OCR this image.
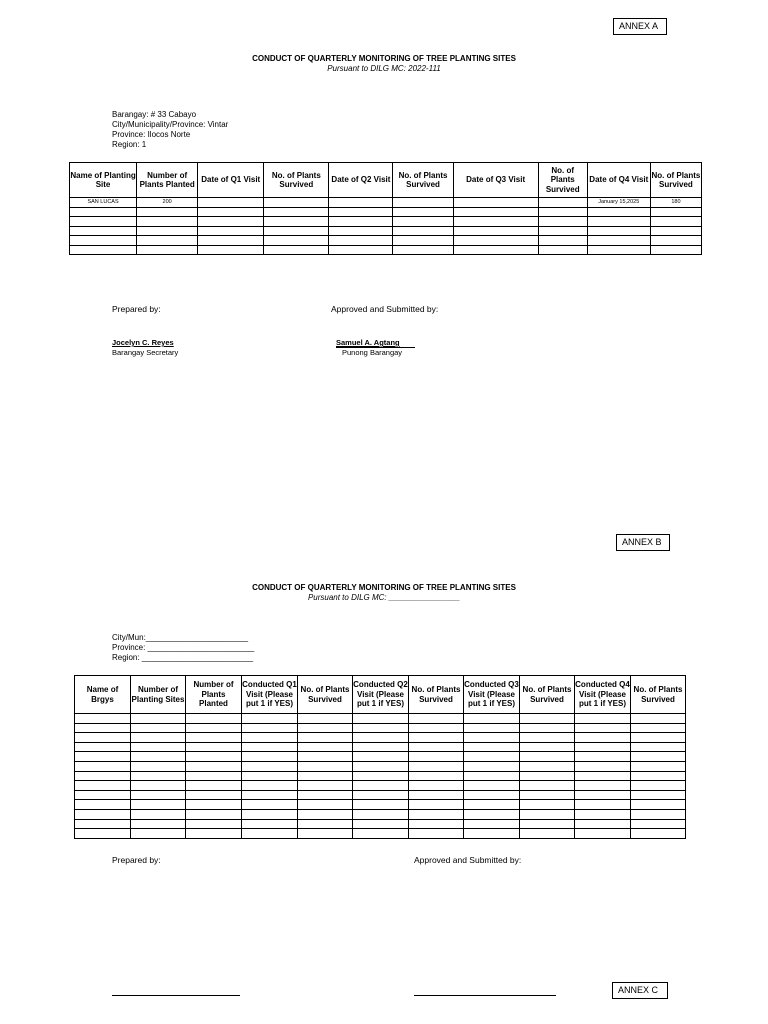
ANNEX A
CONDUCT OF QUARTERLY MONITORING OF TREE PLANTING SITES
Pursuant to DILG MC: 2022-111
Barangay: # 33 Cabayo
City/Municipality/Province: Vintar
Province: Ilocos Norte
Region: 1
Name of Planting Site	Number of Plants Planted	Date of Q1 Visit	No. of Plants Survived	Date of Q2 Visit	No. of Plants Survived	Date of Q3 Visit	No. of Plants Survived	Date of Q4 Visit	No. of Plants Survived
SAN LUCAS	200							January 15,2025	180

Prepared by:	Approved and Submitted by:
Jocelyn C. Reyes
Barangay Secretary
Samuel A. Agtang
Punong Barangay
ANNEX B
CONDUCT OF QUARTERLY MONITORING OF TREE PLANTING SITES
Pursuant to DILG MC: ________________
City/Mun:_______________________
Province: ________________________
Region: _________________________
Name of Brgys	Number of Planting Sites	Number of Plants Planted	Conducted Q1 Visit (Please put 1 if YES)	No. of Plants Survived	Conducted Q2 Visit (Please put 1 if YES)	No. of Plants Survived	Conducted Q3 Visit (Please put 1 if YES)	No. of Plants Survived	Conducted Q4 Visit (Please put 1 if YES)	No. of Plants Survived

Prepared by:	Approved and Submitted by:
ANNEX C
